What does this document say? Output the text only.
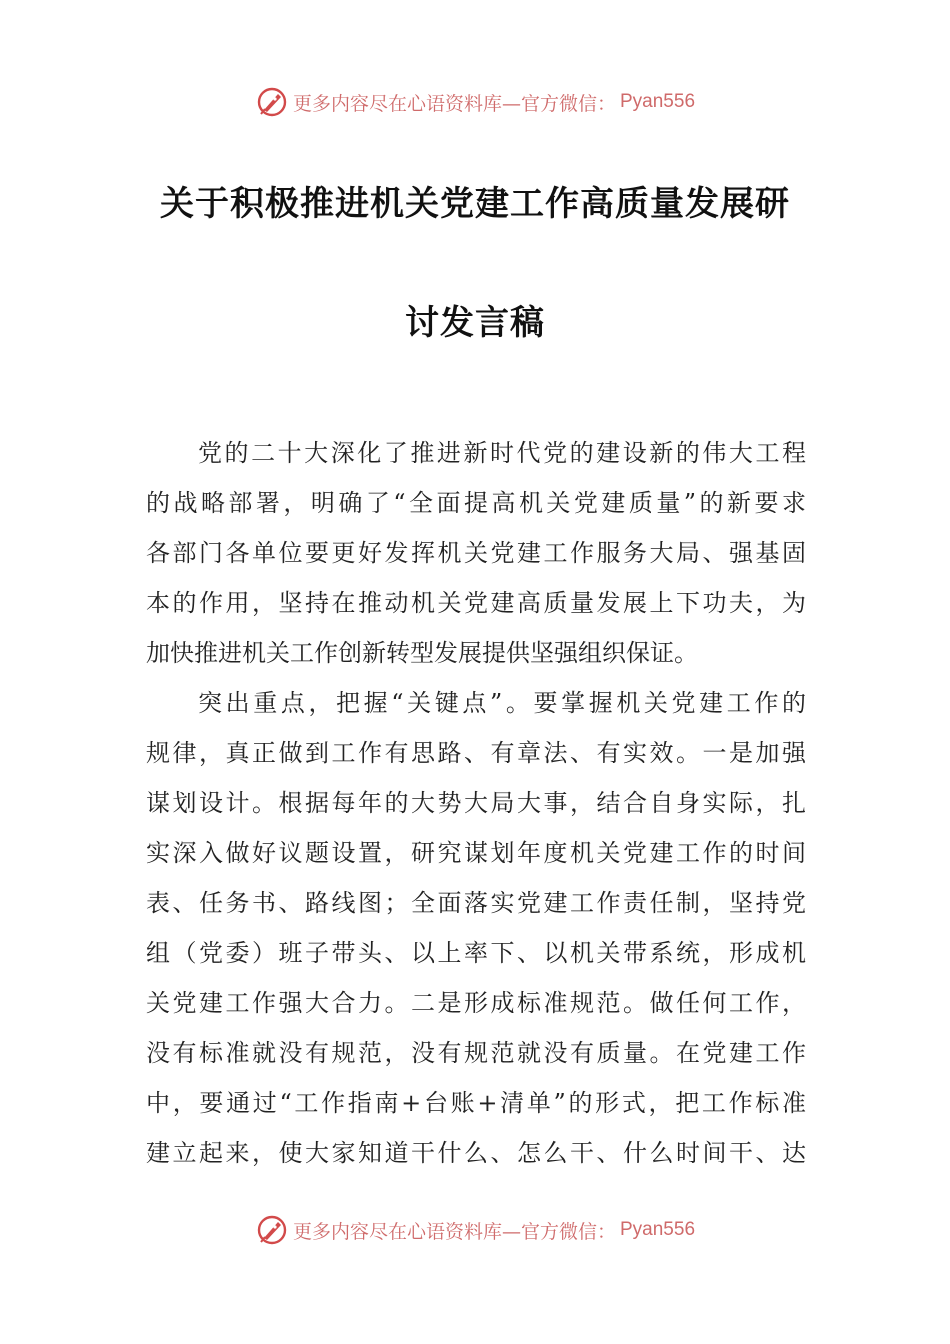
更多内容尽在心语资料库—官方微信： Pyan556
关于积极推进机关党建工作高质量发展研
讨发言稿
党的二十大深化了推进新时代党的建设新的伟大工程
的战略部署，明确了“全面提高机关党建质量”的新要求
各部门各单位要更好发挥机关党建工作服务大局、强基固
本的作用，坚持在推动机关党建高质量发展上下功夫，为
加快推进机关工作创新转型发展提供坚强组织保证。
突出重点，把握“关键点”。要掌握机关党建工作的
规律，真正做到工作有思路、有章法、有实效。一是加强
谋划设计。根据每年的大势大局大事，结合自身实际，扎
实深入做好议题设置，研究谋划年度机关党建工作的时间
表、任务书、路线图；全面落实党建工作责任制，坚持党
组（党委）班子带头、以上率下、以机关带系统，形成机
关党建工作强大合力。二是形成标准规范。做任何工作，
没有标准就没有规范，没有规范就没有质量。在党建工作
中，要通过“工作指南+台账+清单”的形式，把工作标准
建立起来，使大家知道干什么、怎么干、什么时间干、达
更多内容尽在心语资料库—官方微信： Pyan556
